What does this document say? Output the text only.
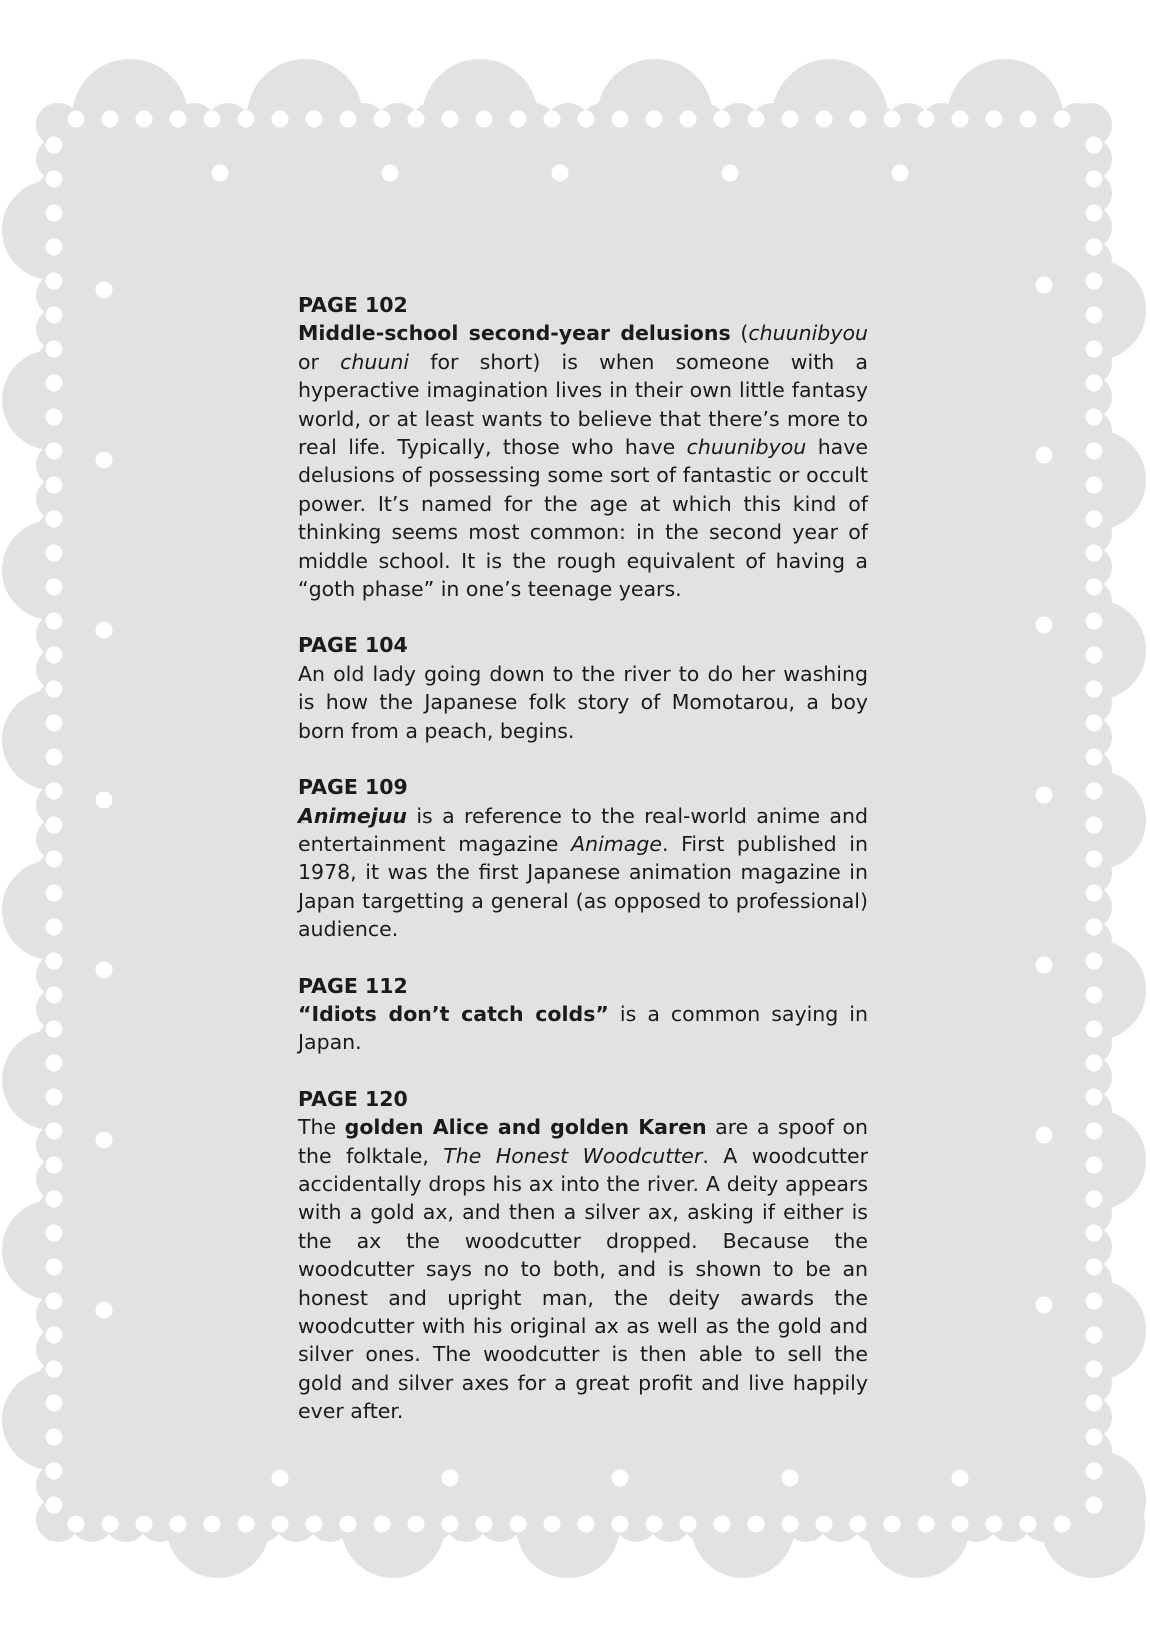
PAGE 102

Middle-school second-year delusions (chuunibyou or chuuni for short) is when someone with a hyperactive imagination lives in their own little fantasy world, or at least wants to believe that there’s more to real life. Typically, those who have chuunibyou have delusions of possessing some sort of fantastic or occult power. It’s named for the age at which this kind of thinking seems most common: in the second year of middle school. It is the rough equivalent of having a “goth phase” in one’s teenage years.

PAGE 104

An old lady going down to the river to do her washing is how the Japanese folk story of Momotarou, a boy born from a peach, begins.

PAGE 109

Animejuu is a reference to the real-world anime and entertainment magazine Animage. First published in 1978, it was the first Japanese animation magazine in Japan targetting a general (as opposed to professional) audience.

PAGE 112

“Idiots don’t catch colds” is a common saying in Japan.

PAGE 120

The golden Alice and golden Karen are a spoof on the folktale, The Honest Woodcutter. A woodcutter accidentally drops his ax into the river. A deity appears with a gold ax, and then a silver ax, asking if either is the ax the woodcutter dropped. Because the woodcutter says no to both, and is shown to be an honest and upright man, the deity awards the woodcutter with his original ax as well as the gold and silver ones. The woodcutter is then able to sell the gold and silver axes for a great profit and live happily ever after.
